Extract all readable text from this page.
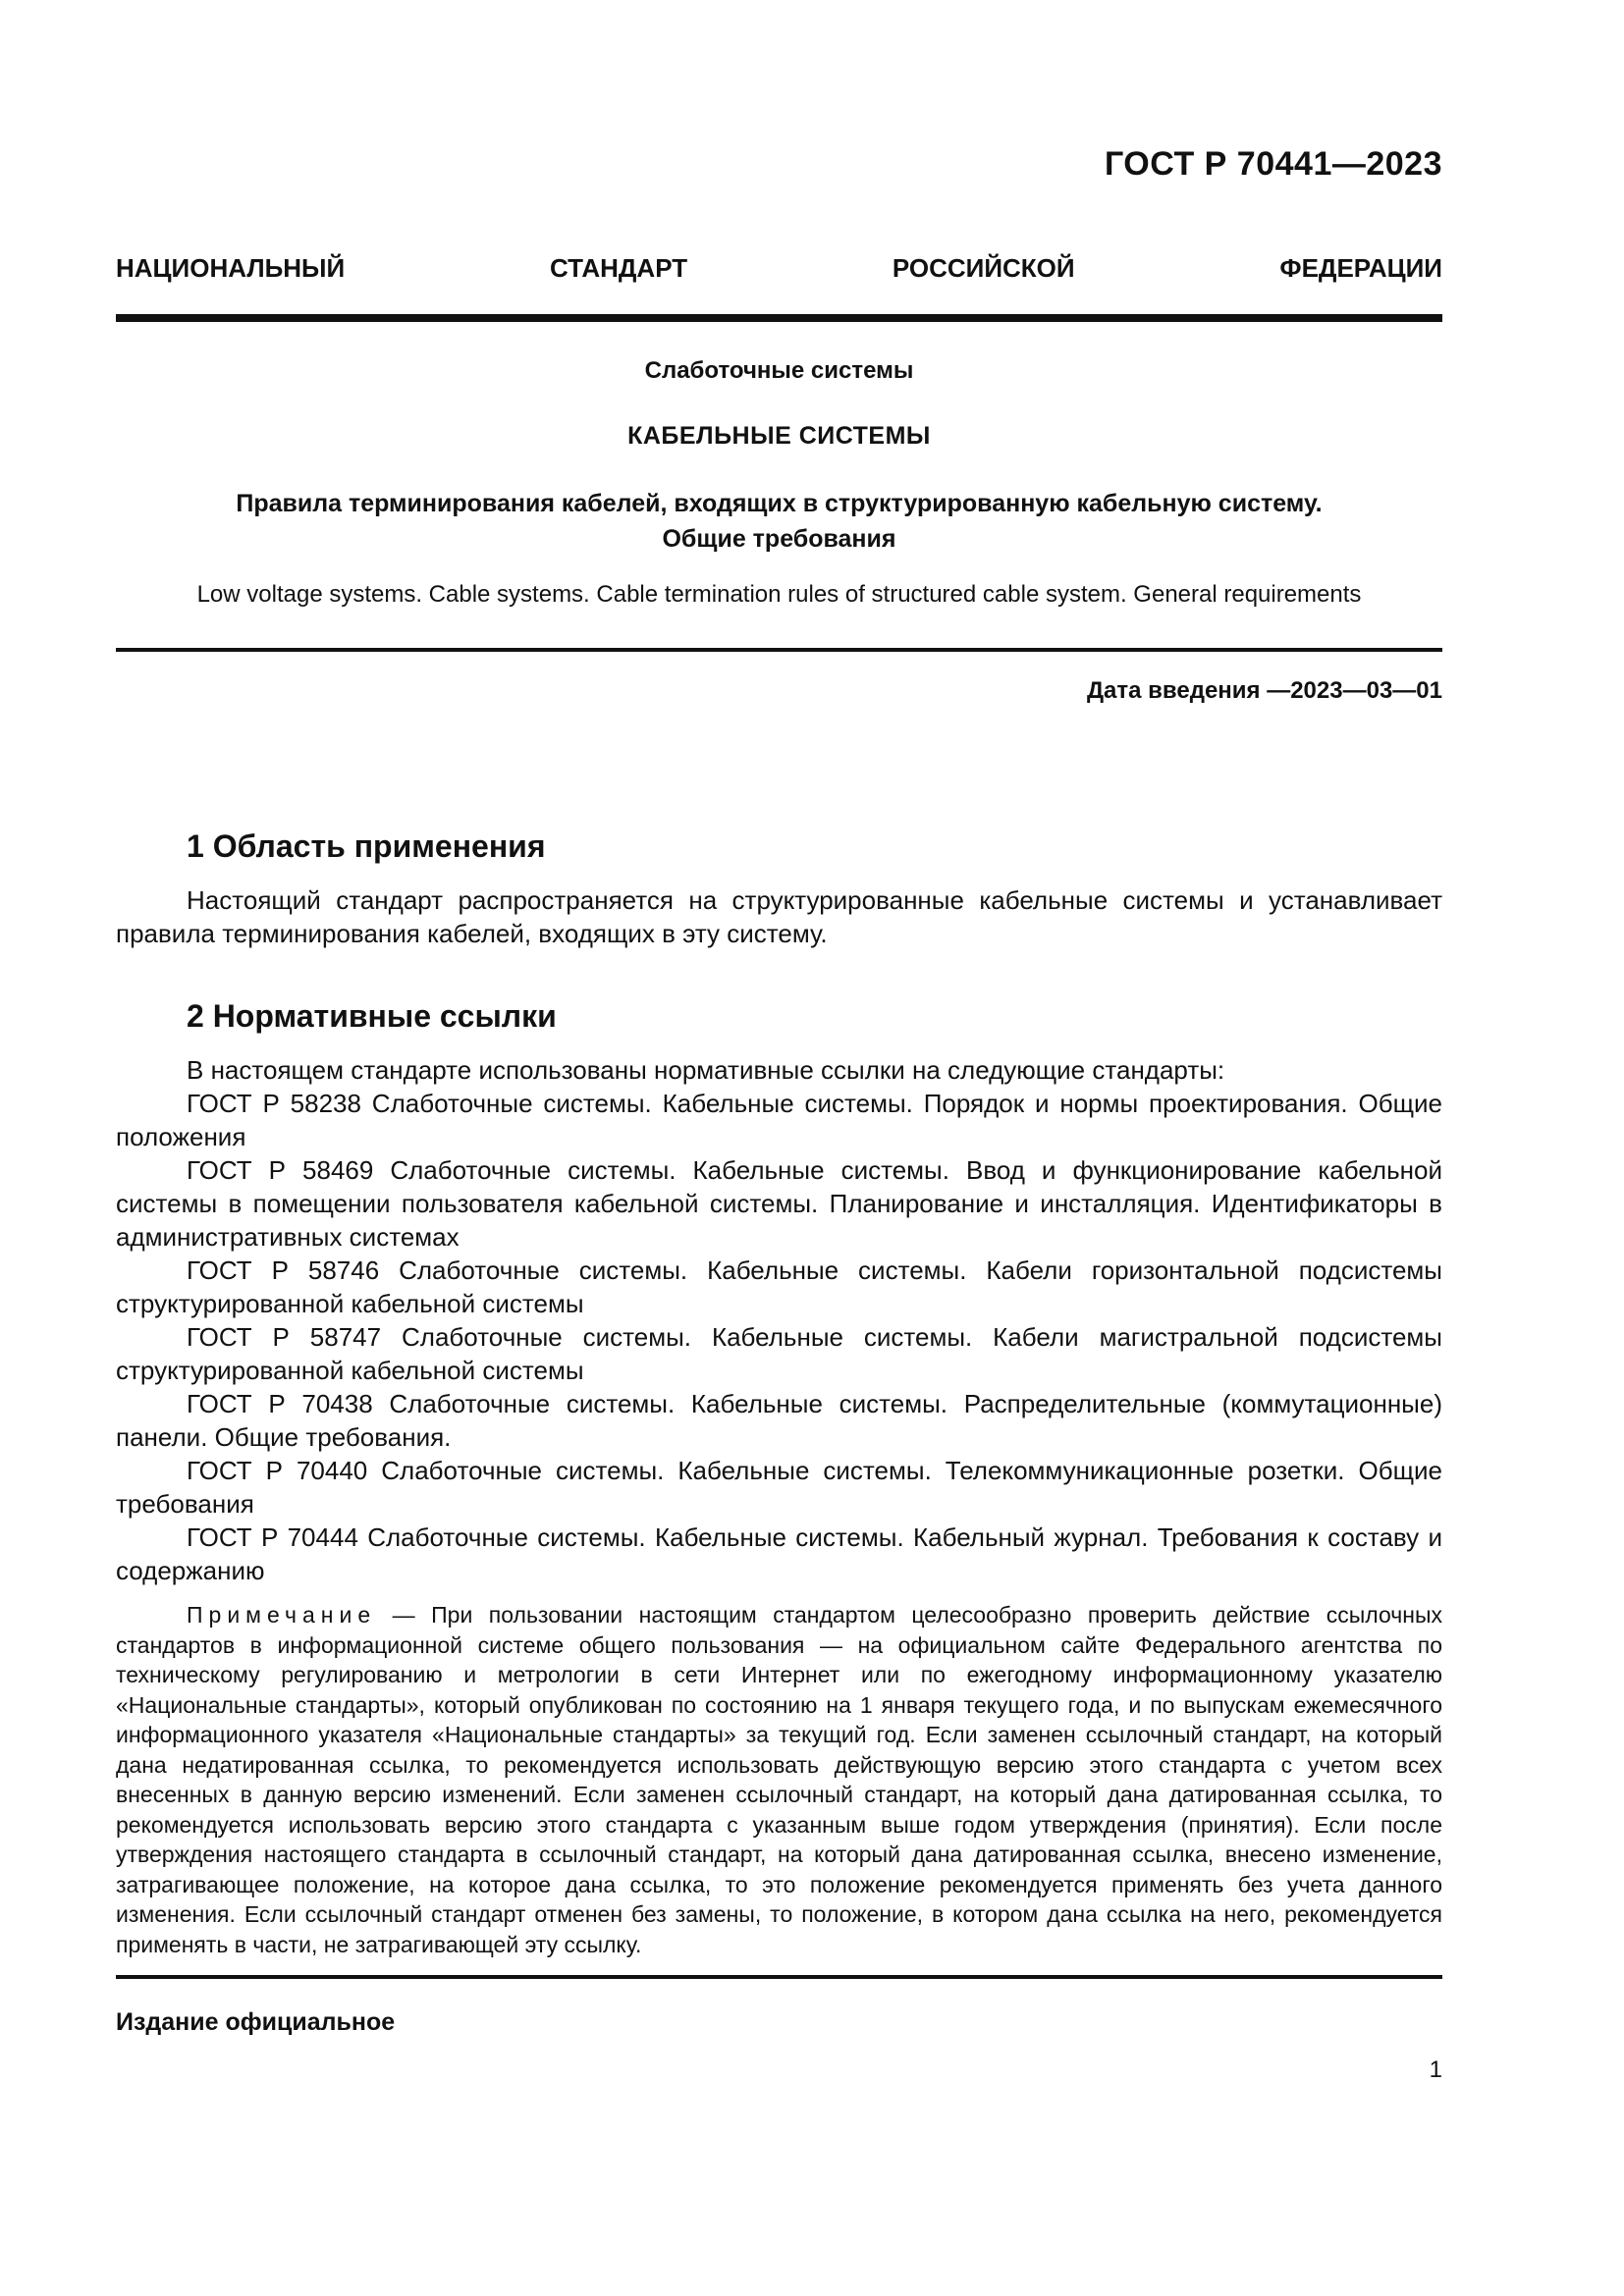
ГОСТ Р 70441—2023
НАЦИОНАЛЬНЫЙ СТАНДАРТ РОССИЙСКОЙ ФЕДЕРАЦИИ
Слаботочные системы
КАБЕЛЬНЫЕ СИСТЕМЫ
Правила терминирования кабелей, входящих в структурированную кабельную систему.
Общие требования
Low voltage systems. Cable systems. Cable termination rules of structured cable system. General requirements
Дата введения —2023—03—01
1 Область применения

Настоящий стандарт распространяется на структурированные кабельные системы и устанавливает правила терминирования кабелей, входящих в эту систему.

2 Нормативные ссылки

В настоящем стандарте использованы нормативные ссылки на следующие стандарты:

ГОСТ Р 58238 Слаботочные системы. Кабельные системы. Порядок и нормы проектирования. Общие положения

ГОСТ Р 58469 Слаботочные системы. Кабельные системы. Ввод и функционирование кабельной системы в помещении пользователя кабельной системы. Планирование и инсталляция. Идентификаторы в административных системах

ГОСТ Р 58746 Слаботочные системы. Кабельные системы. Кабели горизонтальной подсистемы структурированной кабельной системы

ГОСТ Р 58747 Слаботочные системы. Кабельные системы. Кабели магистральной подсистемы структурированной кабельной системы

ГОСТ Р 70438 Слаботочные системы. Кабельные системы. Распределительные (коммутационные) панели. Общие требования.

ГОСТ Р 70440 Слаботочные системы. Кабельные системы. Телекоммуникационные розетки. Общие требования

ГОСТ Р 70444 Слаботочные системы. Кабельные системы. Кабельный журнал. Требования к составу и содержанию

Примечание — При пользовании настоящим стандартом целесообразно проверить действие ссылочных стандартов в информационной системе общего пользования — на официальном сайте Федерального агентства по техническому регулированию и метрологии в сети Интернет или по ежегодному информационному указателю «Национальные стандарты», который опубликован по состоянию на 1 января текущего года, и по выпускам ежемесячного информационного указателя «Национальные стандарты» за текущий год. Если заменен ссылочный стандарт, на который дана недатированная ссылка, то рекомендуется использовать действующую версию этого стандарта с учетом всех внесенных в данную версию изменений. Если заменен ссылочный стандарт, на который дана датированная ссылка, то рекомендуется использовать версию этого стандарта с указанным выше годом утверждения (принятия). Если после утверждения настоящего стандарта в ссылочный стандарт, на который дана датированная ссылка, внесено изменение, затрагивающее положение, на которое дана ссылка, то это положение рекомендуется применять без учета данного изменения. Если ссылочный стандарт отменен без замены, то положение, в котором дана ссылка на него, рекомендуется применять в части, не затрагивающей эту ссылку.

Издание официальное
1
